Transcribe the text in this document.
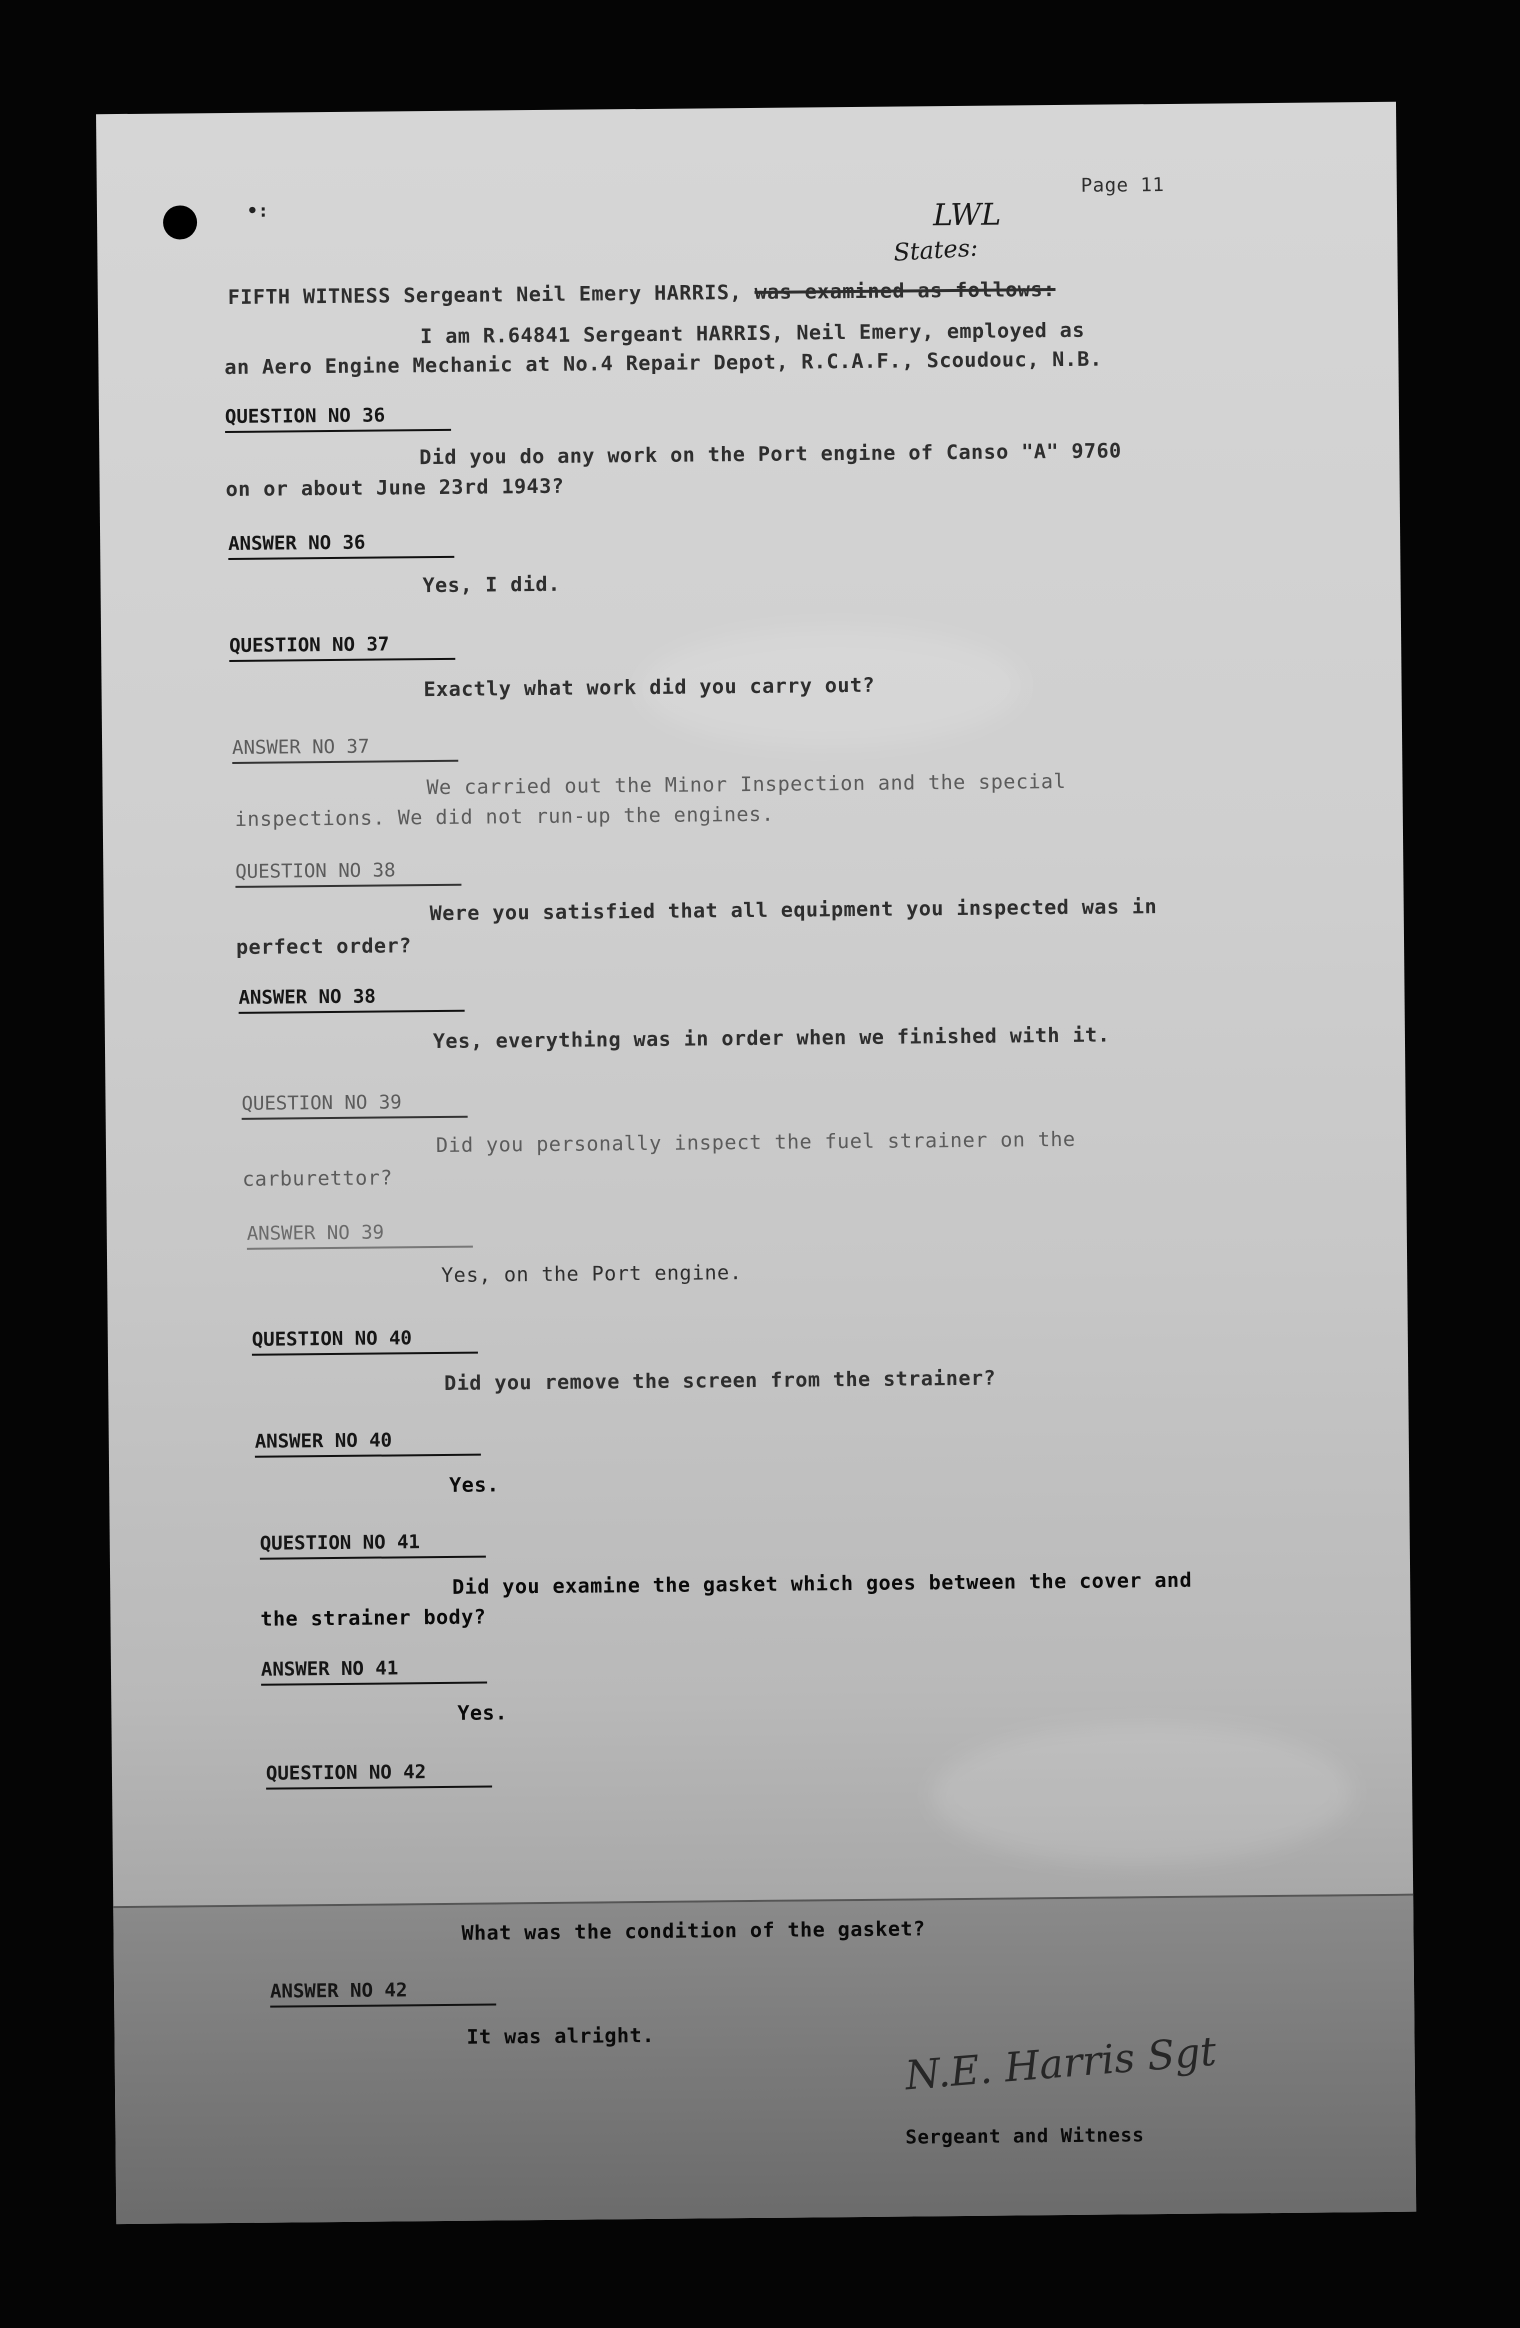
•:
Page 11
LWL
States:
FIFTH WITNESS Sergeant Neil Emery HARRIS, was examined as follows:
I am R.64841 Sergeant HARRIS, Neil Emery, employed as
an Aero Engine Mechanic at No.4 Repair Depot, R.C.A.F., Scoudouc, N.B.
QUESTION NO 36
Did you do any work on the Port engine of Canso "A" 9760
on or about June 23rd 1943?
ANSWER NO 36
Yes, I did.
QUESTION NO 37
Exactly what work did you carry out?
ANSWER NO 37
We carried out the Minor Inspection and the special
inspections. We did not run-up the engines.
QUESTION NO 38
Were you satisfied that all equipment you inspected was in
perfect order?
ANSWER NO 38
Yes, everything was in order when we finished with it.
QUESTION NO 39
Did you personally inspect the fuel strainer on the
carburettor?
ANSWER NO 39
Yes, on the Port engine.
QUESTION NO 40
Did you remove the screen from the strainer?
ANSWER NO 40
Yes.
QUESTION NO 41
Did you examine the gasket which goes between the cover and
the strainer body?
ANSWER NO 41
Yes.
QUESTION NO 42
What was the condition of the gasket?
ANSWER NO 42
It was alright.	N.E. Harris Sgt
Sergeant and Witness
